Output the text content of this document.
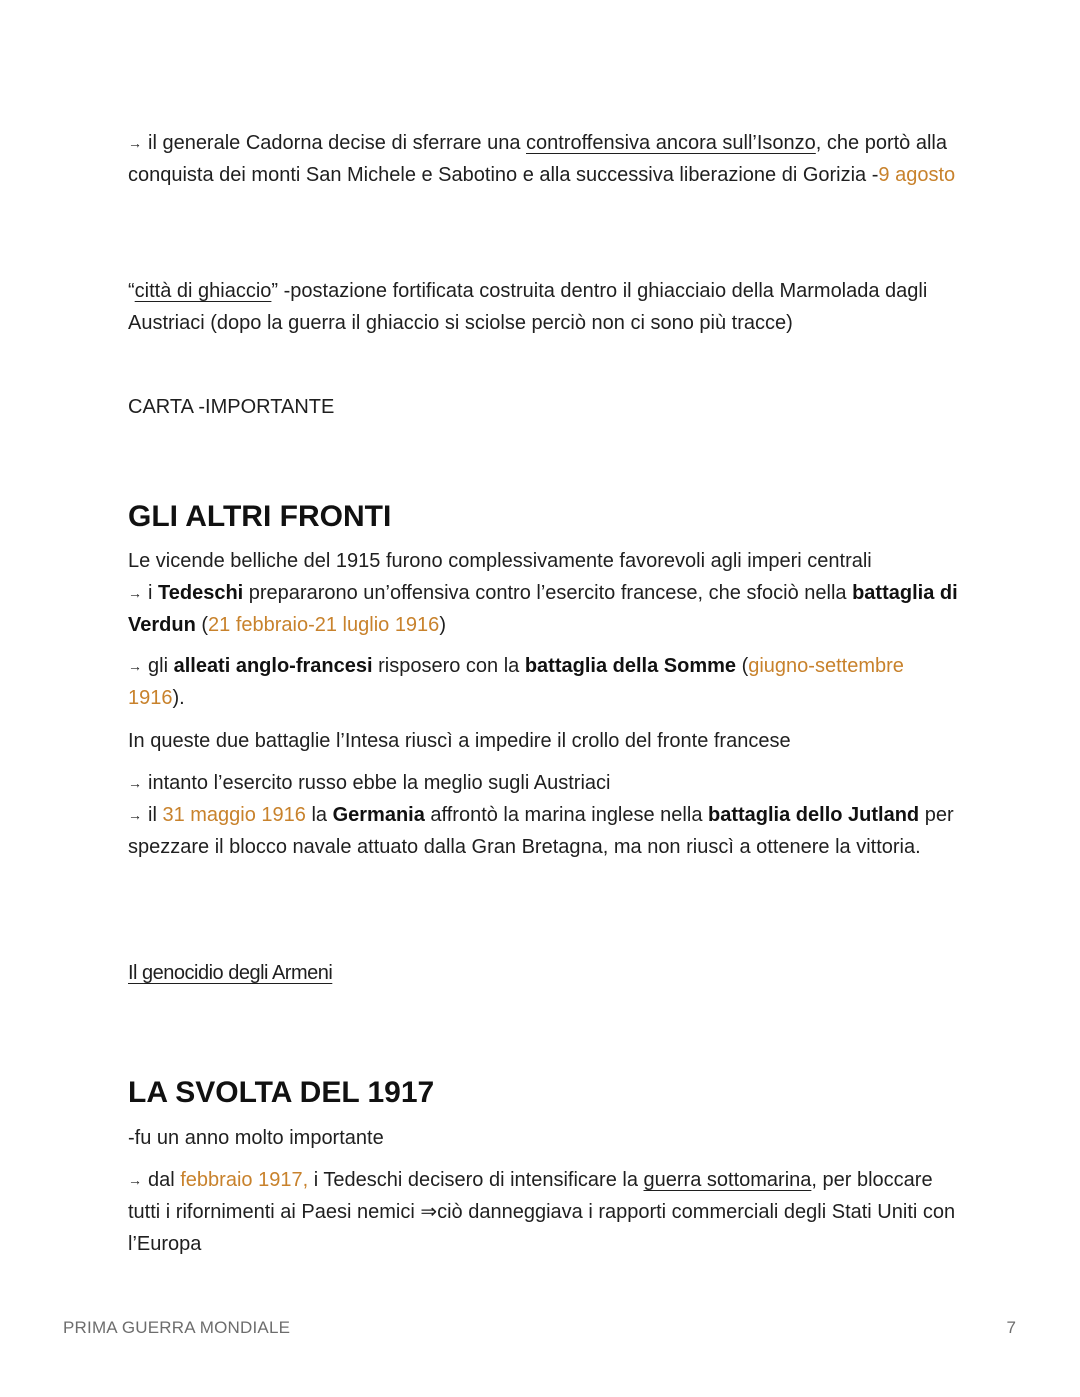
→ il generale Cadorna decise di sferrare una controffensiva ancora sull’Isonzo, che portò alla conquista dei monti San Michele e Sabotino e alla successiva liberazione di Gorizia -9 agosto

“città di ghiaccio” -postazione fortificata costruita dentro il ghiacciaio della Marmolada dagli Austriaci (dopo la guerra il ghiaccio si sciolse perciò non ci sono più tracce)

CARTA -IMPORTANTE

GLI ALTRI FRONTI

Le vicende belliche del 1915 furono complessivamente favorevoli agli imperi centrali
→ i Tedeschi prepararono un’offensiva contro l’esercito francese, che sfociò nella battaglia di Verdun (21 febbraio-21 luglio 1916)

→ gli alleati anglo-francesi risposero con la battaglia della Somme (giugno-settembre 1916).

In queste due battaglie l’Intesa riuscì a impedire il crollo del fronte francese

→ intanto l’esercito russo ebbe la meglio sugli Austriaci
→ il 31 maggio 1916 la Germania affrontò la marina inglese nella battaglia dello Jutland per spezzare il blocco navale attuato dalla Gran Bretagna, ma non riuscì a ottenere la vittoria.

Il genocidio degli Armeni

LA SVOLTA DEL 1917

-fu un anno molto importante

→ dal febbraio 1917, i Tedeschi decisero di intensificare la guerra sottomarina, per bloccare tutti i rifornimenti ai Paesi nemici ⇒ciò danneggiava i rapporti commerciali degli Stati Uniti con l’Europa

PRIMA GUERRA MONDIALE	7
